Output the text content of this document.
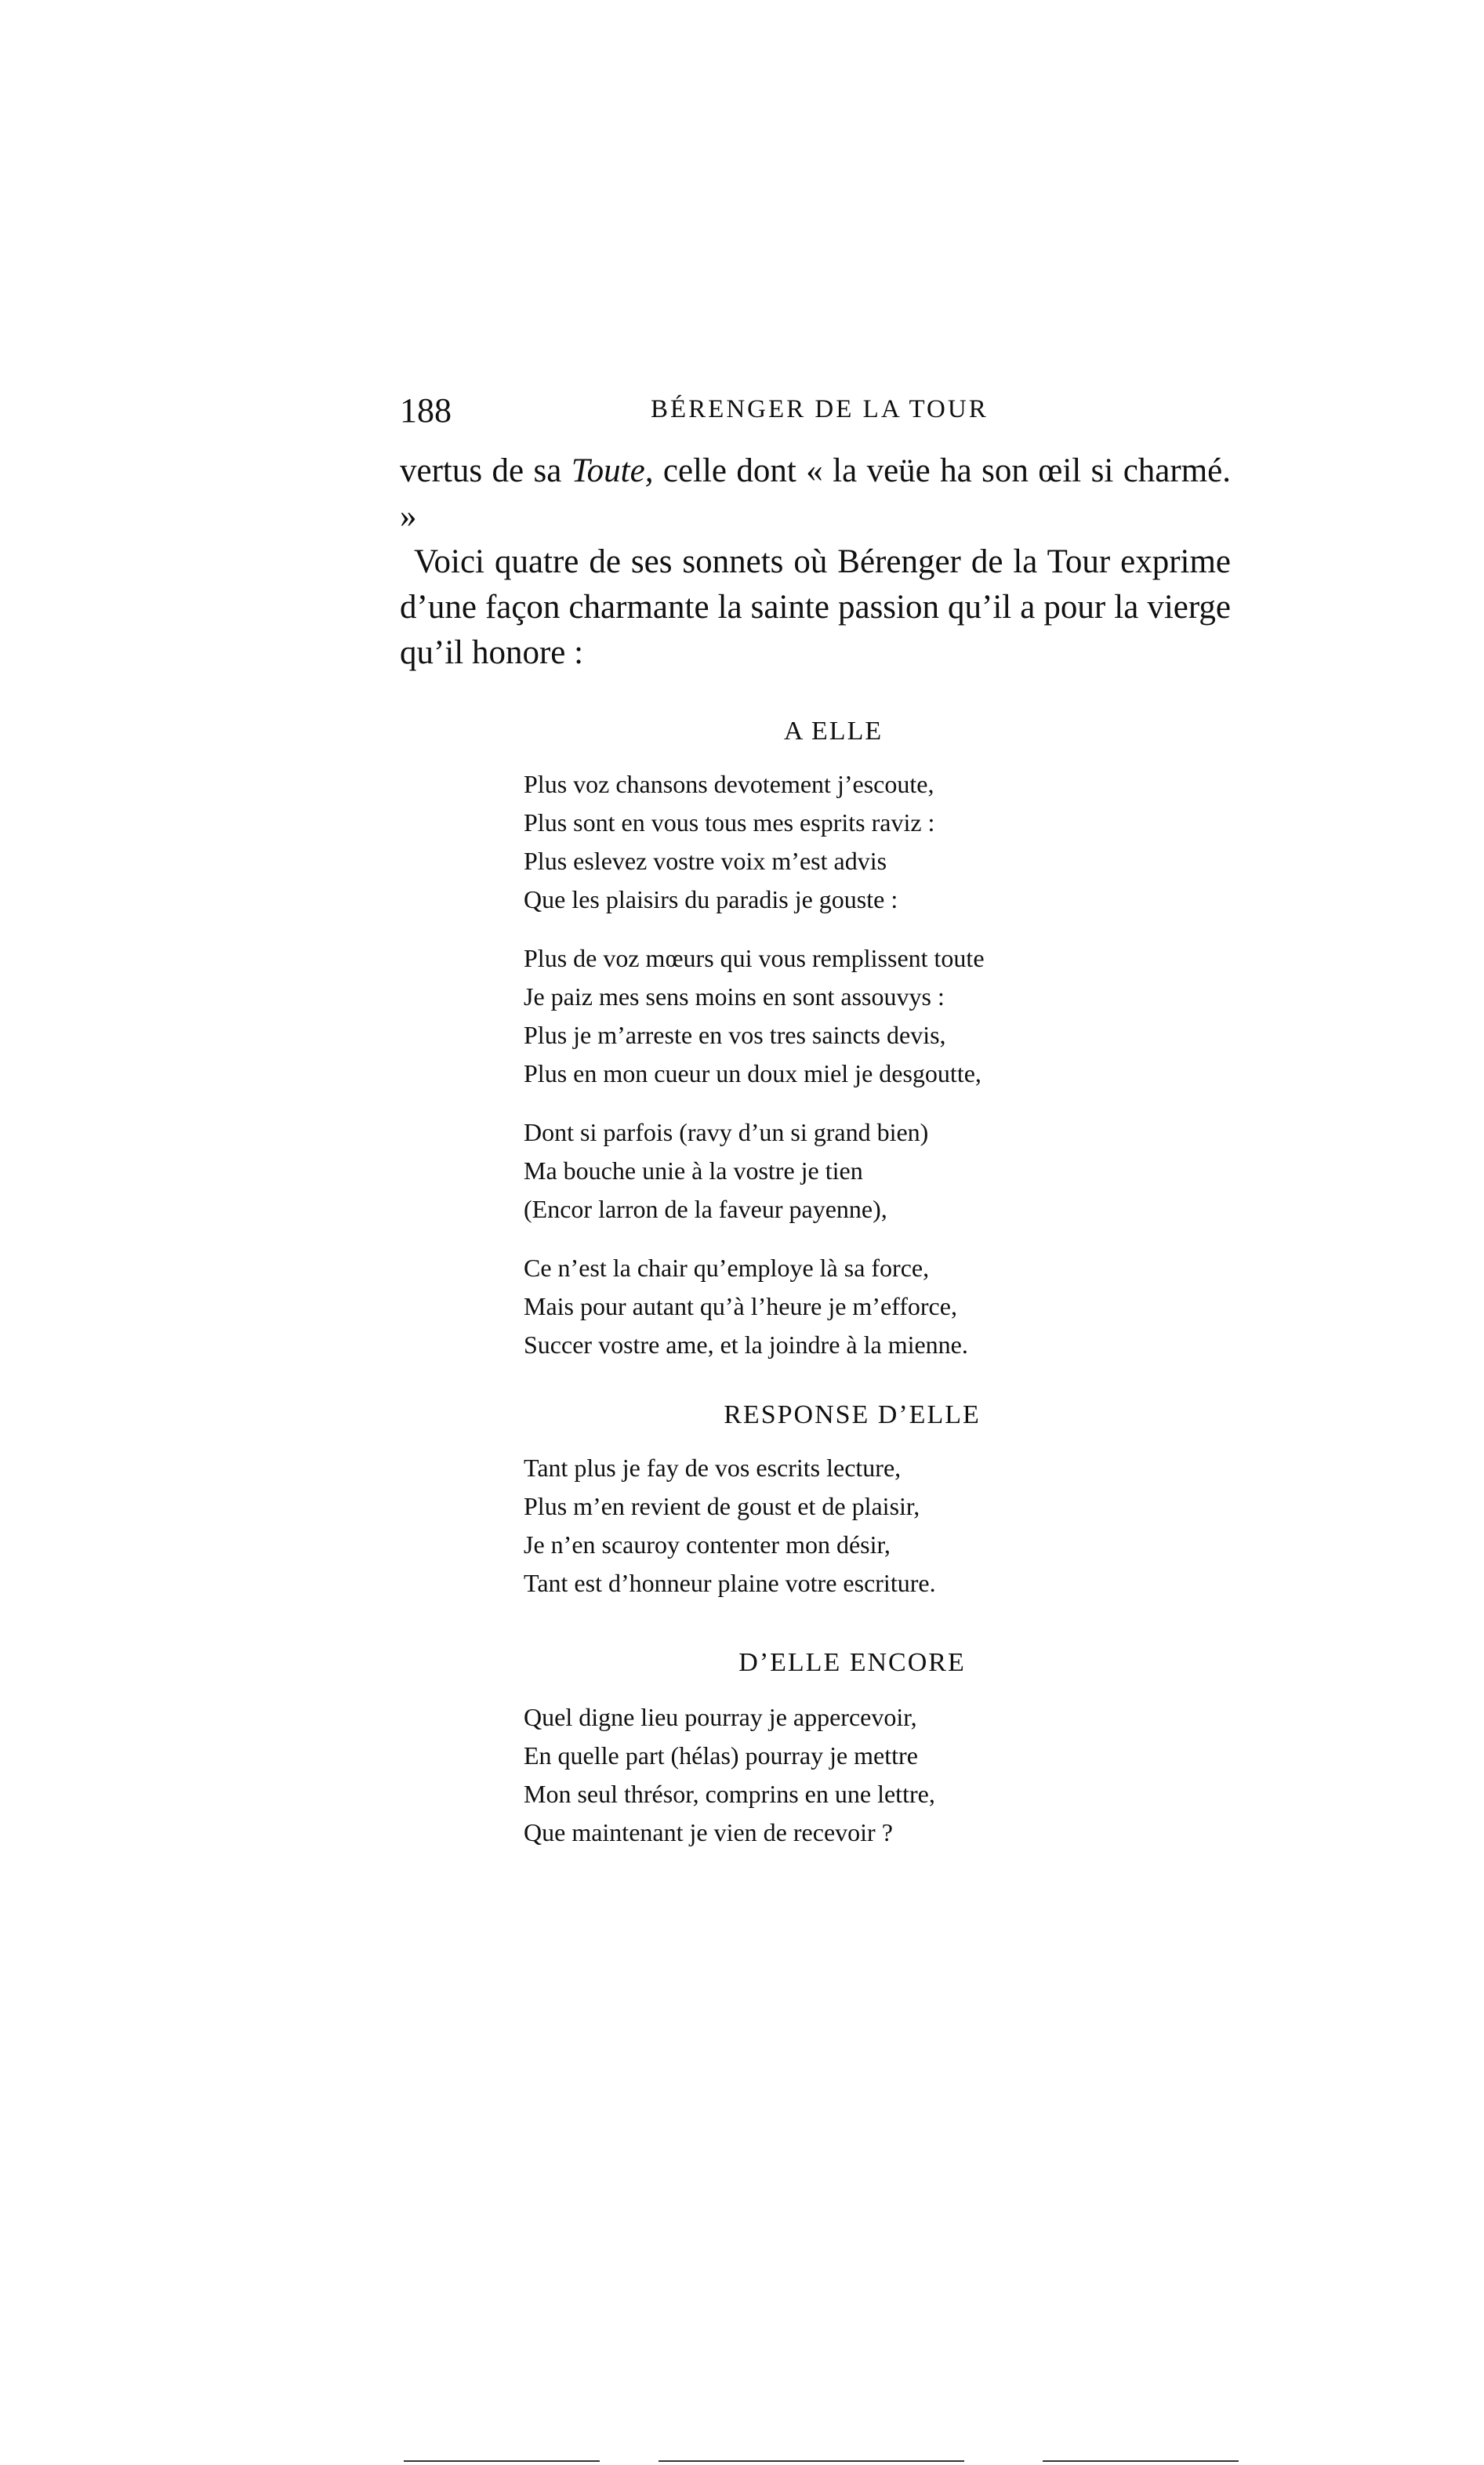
188	BÉRENGER DE LA TOUR

vertus de sa Toute, celle dont « la veüe ha son œil si charmé. »

Voici quatre de ses sonnets où Bérenger de la Tour exprime d’une façon charmante la sainte passion qu’il a pour la vierge qu’il honore :

A ELLE
Plus voz chansons devotement j’escoute,
Plus sont en vous tous mes esprits raviz :
Plus eslevez vostre voix m’est advis
Que les plaisirs du paradis je gouste :
Plus de voz mœurs qui vous remplissent toute
Je paiz mes sens moins en sont assouvys :
Plus je m’arreste en vos tres saincts devis,
Plus en mon cueur un doux miel je desgoutte,
Dont si parfois (ravy d’un si grand bien)
Ma bouche unie à la vostre je tien
(Encor larron de la faveur payenne),
Ce n’est la chair qu’employe là sa force,
Mais pour autant qu’à l’heure je m’efforce,
Succer vostre ame, et la joindre à la mienne.
RESPONSE D’ELLE
Tant plus je fay de vos escrits lecture,
Plus m’en revient de goust et de plaisir,
Je n’en scauroy contenter mon désir,
Tant est d’honneur plaine votre escriture.
D’ELLE ENCORE
Quel digne lieu pourray je appercevoir,
En quelle part (hélas) pourray je mettre
Mon seul thrésor, comprins en une lettre,
Que maintenant je vien de recevoir ?
